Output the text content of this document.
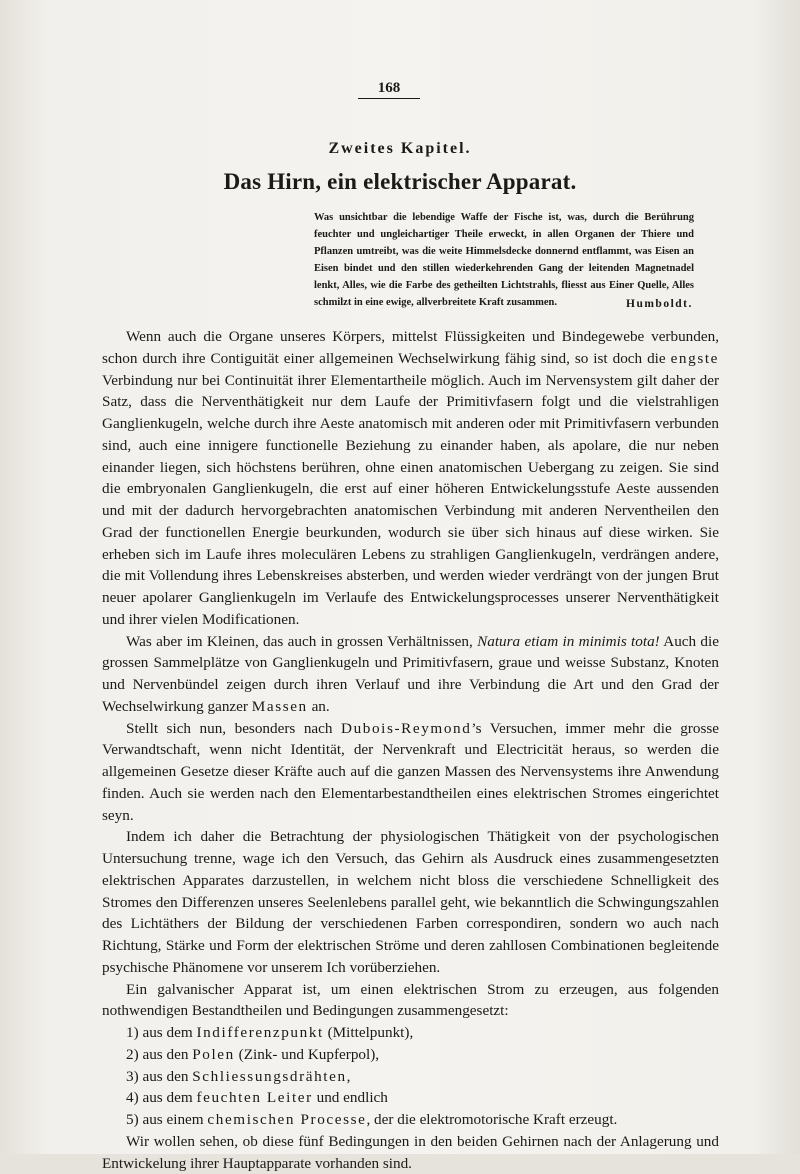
168
Zweites Kapitel.
Das Hirn, ein elektrischer Apparat.
Was unsichtbar die lebendige Waffe der Fische ist, was, durch die Berührung feuchter und ungleichartiger Theile erweckt, in allen Organen der Thiere und Pflanzen umtreibt, was die weite Himmelsdecke donnernd entflammt, was Eisen an Eisen bindet und den stillen wiederkehrenden Gang der leitenden Magnetnadel lenkt, Alles, wie die Farbe des getheilten Lichtstrahls, fliesst aus Einer Quelle, Alles schmilzt in eine ewige, allverbreitete Kraft zusammen.	Humboldt.

Wenn auch die Organe unseres Körpers, mittelst Flüssigkeiten und Bindegewebe verbunden, schon durch ihre Contiguität einer allgemeinen Wechselwirkung fähig sind, so ist doch die engste Verbindung nur bei Continuität ihrer Elementartheile möglich. Auch im Nervensystem gilt daher der Satz, dass die Nerventhätigkeit nur dem Laufe der Primitivfasern folgt und die vielstrahligen Ganglienkugeln, welche durch ihre Aeste anatomisch mit anderen oder mit Primitivfasern verbunden sind, auch eine innigere functionelle Beziehung zu einander haben, als apolare, die nur neben einander liegen, sich höchstens berühren, ohne einen anatomischen Uebergang zu zeigen. Sie sind die embryonalen Ganglienkugeln, die erst auf einer höheren Entwickelungsstufe Aeste aussenden und mit der dadurch hervorgebrachten anatomischen Verbindung mit anderen Nerventheilen den Grad der functionellen Energie beurkunden, wodurch sie über sich hinaus auf diese wirken. Sie erheben sich im Laufe ihres moleculären Lebens zu strahligen Ganglienkugeln, verdrängen andere, die mit Vollendung ihres Lebenskreises absterben, und werden wieder verdrängt von der jungen Brut neuer apolarer Ganglienkugeln im Verlaufe des Entwickelungsprocesses unserer Nerventhätigkeit und ihrer vielen Modificationen.

Was aber im Kleinen, das auch in grossen Verhältnissen, Natura etiam in minimis tota! Auch die grossen Sammelplätze von Ganglienkugeln und Primitivfasern, graue und weisse Substanz, Knoten und Nervenbündel zeigen durch ihren Verlauf und ihre Verbindung die Art und den Grad der Wechselwirkung ganzer Massen an.

Stellt sich nun, besonders nach Dubois-Reymond’s Versuchen, immer mehr die grosse Verwandtschaft, wenn nicht Identität, der Nervenkraft und Electricität heraus, so werden die allgemeinen Gesetze dieser Kräfte auch auf die ganzen Massen des Nervensystems ihre Anwendung finden. Auch sie werden nach den Elementarbestandtheilen eines elektrischen Stromes eingerichtet seyn.

Indem ich daher die Betrachtung der physiologischen Thätigkeit von der psychologischen Untersuchung trenne, wage ich den Versuch, das Gehirn als Ausdruck eines zusammengesetzten elektrischen Apparates darzustellen, in welchem nicht bloss die verschiedene Schnelligkeit des Stromes den Differenzen unseres Seelenlebens parallel geht, wie bekanntlich die Schwingungszahlen des Lichtäthers der Bildung der verschiedenen Farben correspondiren, sondern wo auch nach Richtung, Stärke und Form der elektrischen Ströme und deren zahllosen Combinationen begleitende psychische Phänomene vor unserem Ich vorüberziehen.

Ein galvanischer Apparat ist, um einen elektrischen Strom zu erzeugen, aus folgenden nothwendigen Bestandtheilen und Bedingungen zusammengesetzt:

1) aus dem Indifferenzpunkt (Mittelpunkt),
2) aus den Polen (Zink- und Kupferpol),
3) aus den Schliessungsdrähten,
4) aus dem feuchten Leiter und endlich
5) aus einem chemischen Processe, der die elektromotorische Kraft erzeugt.

Wir wollen sehen, ob diese fünf Bedingungen in den beiden Gehirnen nach der Anlagerung und Entwickelung ihrer Hauptapparate vorhanden sind.
